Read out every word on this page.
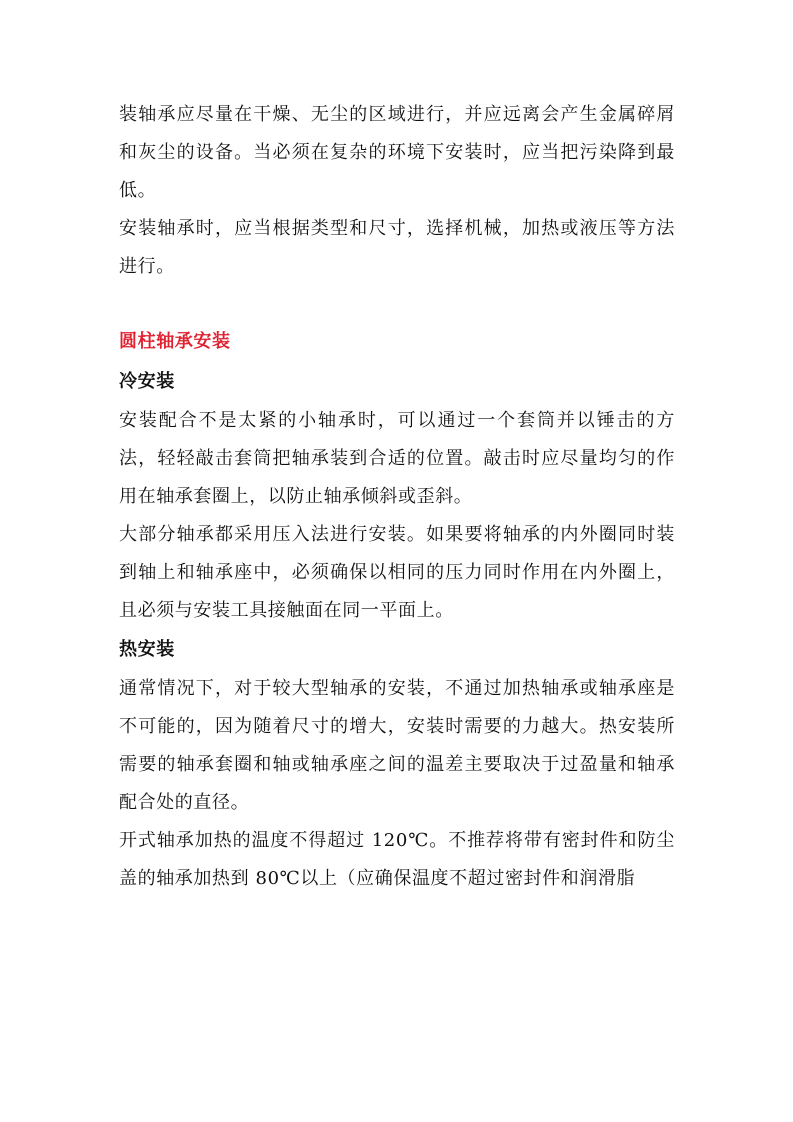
装轴承应尽量在干燥、无尘的区域进行，并应远离会产生金属碎屑和灰尘的设备。当必须在复杂的环境下安装时，应当把污染降到最低。

安装轴承时，应当根据类型和尺寸，选择机械，加热或液压等方法进行。

圆柱轴承安装
冷安装

安装配合不是太紧的小轴承时，可以通过一个套筒并以锤击的方法，轻轻敲击套筒把轴承装到合适的位置。敲击时应尽量均匀的作用在轴承套圈上，以防止轴承倾斜或歪斜。

大部分轴承都采用压入法进行安装。如果要将轴承的内外圈同时装到轴上和轴承座中，必须确保以相同的压力同时作用在内外圈上，且必须与安装工具接触面在同一平面上。

热安装

通常情况下，对于较大型轴承的安装，不通过加热轴承或轴承座是不可能的，因为随着尺寸的增大，安装时需要的力越大。热安装所需要的轴承套圈和轴或轴承座之间的温差主要取决于过盈量和轴承配合处的直径。

开式轴承加热的温度不得超过 120℃。不推荐将带有密封件和防尘盖的轴承加热到 80℃以上（应确保温度不超过密封件和润滑脂
